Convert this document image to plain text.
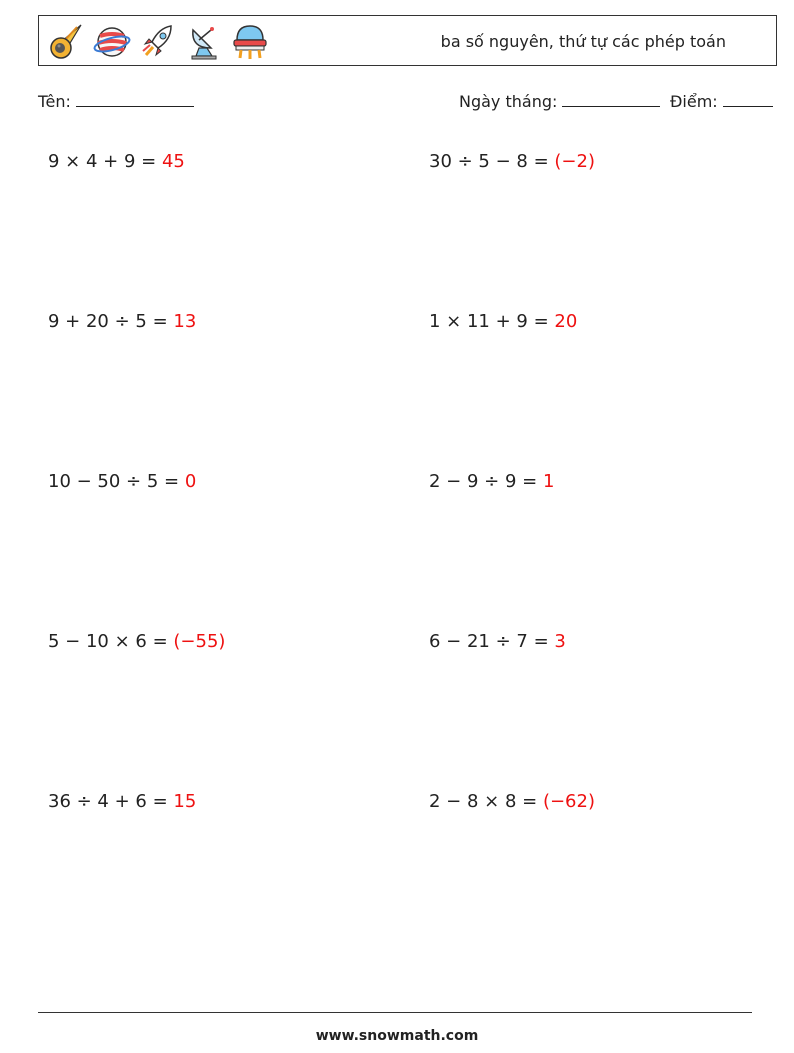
ba số nguyên, thứ tự các phép toán
Tên:	Ngày tháng:	Điểm:
9 × 4 + 9 = 45	30 ÷ 5 − 8 = (−2)
9 + 20 ÷ 5 = 13	1 × 11 + 9 = 20
10 − 50 ÷ 5 = 0	2 − 9 ÷ 9 = 1
5 − 10 × 6 = (−55)	6 − 21 ÷ 7 = 3
36 ÷ 4 + 6 = 15	2 − 8 × 8 = (−62)
www.snowmath.com
